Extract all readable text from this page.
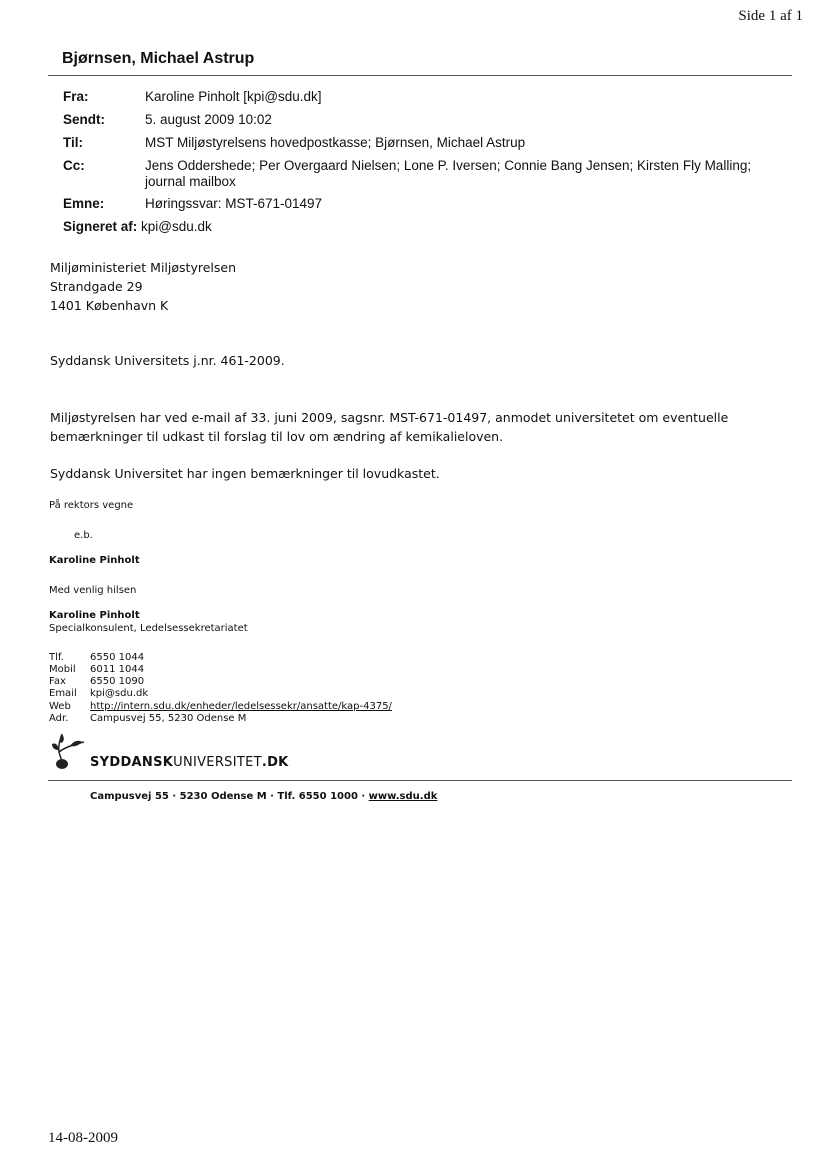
Side 1 af 1
Bjørnsen, Michael Astrup
Fra:	Karoline Pinholt [kpi@sdu.dk]
Sendt:	5. august 2009 10:02
Til:	MST Miljøstyrelsens hovedpostkasse; Bjørnsen, Michael Astrup
Cc:	Jens Oddershede; Per Overgaard Nielsen; Lone P. Iversen; Connie Bang Jensen; Kirsten Fly Malling; journal mailbox
Emne:	Høringssvar: MST-671-01497
Signeret af: kpi@sdu.dk
Miljøministeriet Miljøstyrelsen
Strandgade 29
1401 København K
Syddansk Universitets j.nr. 461-2009.
Miljøstyrelsen har ved e-mail af 33. juni 2009, sagsnr. MST-671-01497, anmodet universitetet om eventuelle bemærkninger til udkast til forslag til lov om ændring af kemikalieloven.
Syddansk Universitet har ingen bemærkninger til lovudkastet.
På rektors vegne
e.b.
Karoline Pinholt
Med venlig hilsen
Karoline Pinholt
Specialkonsulent, Ledelsessekretariatet
Tlf.	6550 1044
Mobil 6011 1044
Fax 6550 1090
Email kpi@sdu.dk
Web http://intern.sdu.dk/enheder/ledelsessekr/ansatte/kap-4375/
Adr. Campusvej 55, 5230 Odense M
SYDDANSKUNIVERSITET.DK
Campusvej 55 · 5230 Odense M · Tlf. 6550 1000 · www.sdu.dk
14-08-2009
